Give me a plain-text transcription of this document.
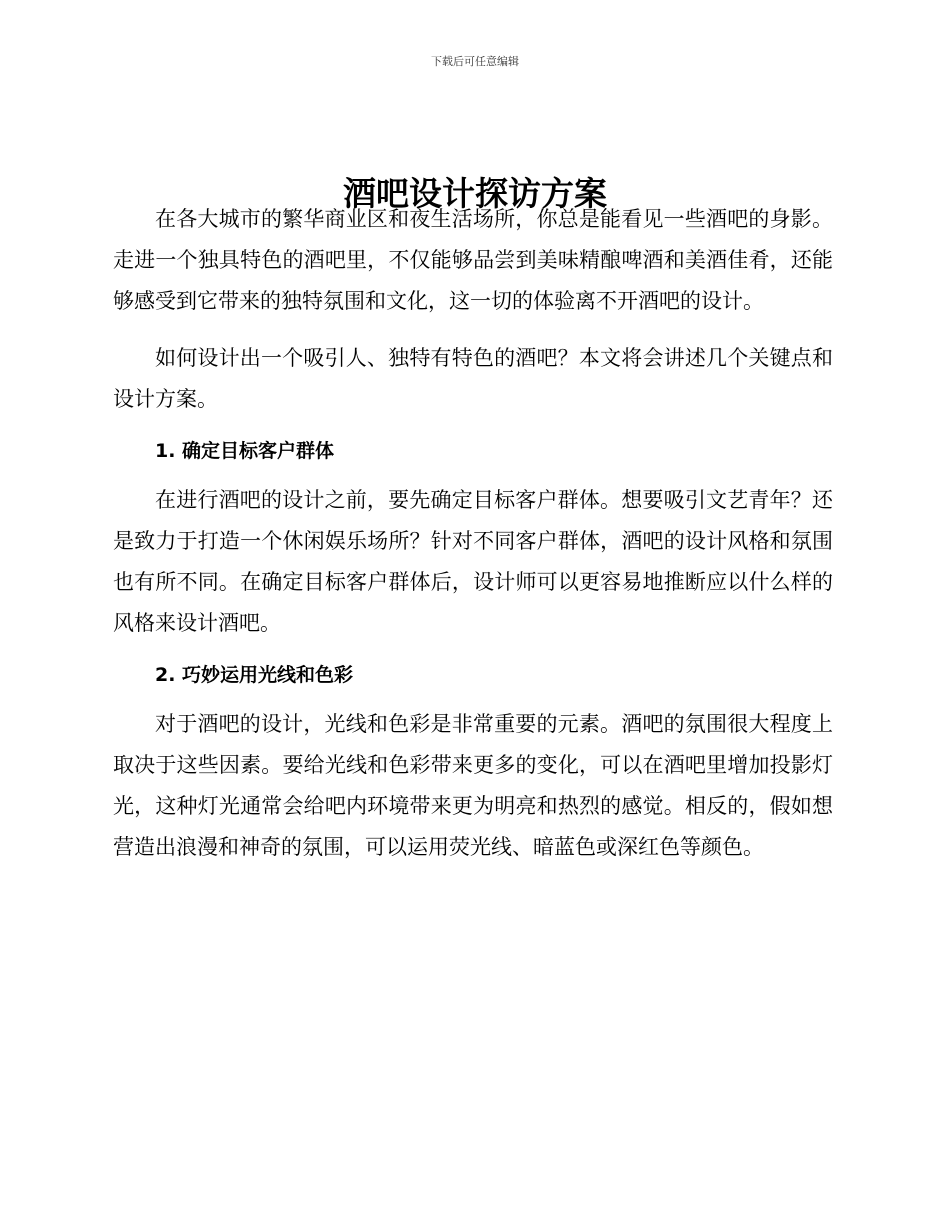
下载后可任意编辑
酒吧设计探访方案

在各大城市的繁华商业区和夜生活场所，你总是能看见一些酒吧的身影。走进一个独具特色的酒吧里，不仅能够品尝到美味精酿啤酒和美酒佳肴，还能够感受到它带来的独特氛围和文化，这一切的体验离不开酒吧的设计。

如何设计出一个吸引人、独特有特色的酒吧？本文将会讲述几个关键点和设计方案。

1. 确定目标客户群体

在进行酒吧的设计之前，要先确定目标客户群体。想要吸引文艺青年？还是致力于打造一个休闲娱乐场所？针对不同客户群体，酒吧的设计风格和氛围也有所不同。在确定目标客户群体后，设计师可以更容易地推断应以什么样的风格来设计酒吧。

2. 巧妙运用光线和色彩

对于酒吧的设计，光线和色彩是非常重要的元素。酒吧的氛围很大程度上取决于这些因素。要给光线和色彩带来更多的变化，可以在酒吧里增加投影灯光，这种灯光通常会给吧内环境带来更为明亮和热烈的感觉。相反的，假如想营造出浪漫和神奇的氛围，可以运用荧光线、暗蓝色或深红色等颜色。
